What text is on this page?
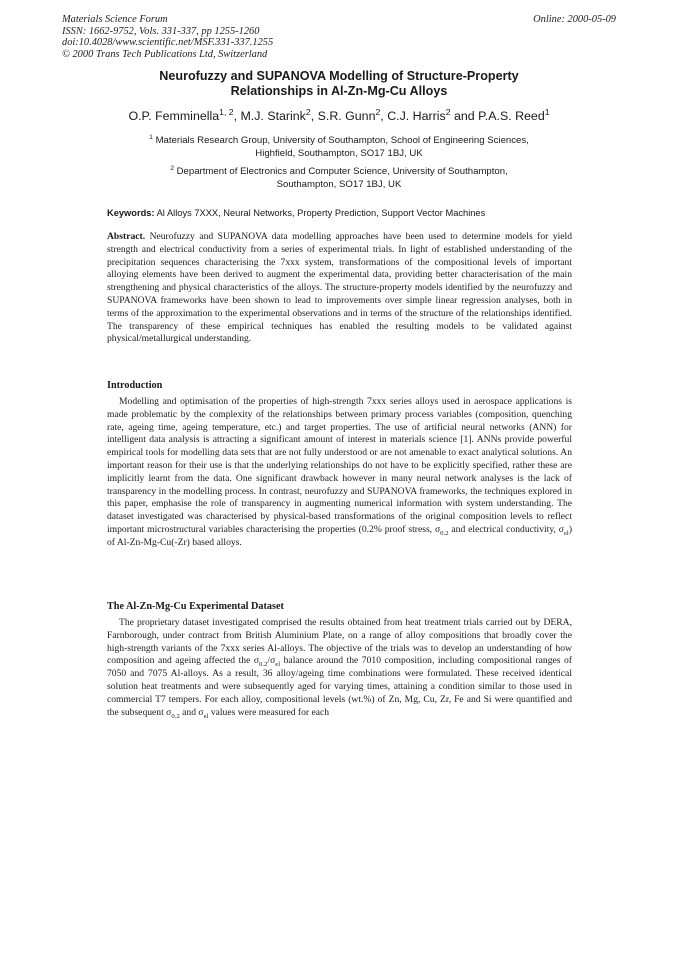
Materials Science Forum
ISSN: 1662-9752, Vols. 331-337, pp 1255-1260
doi:10.4028/www.scientific.net/MSF.331-337.1255
© 2000 Trans Tech Publications Ltd, Switzerland
Online: 2000-05-09
Neurofuzzy and SUPANOVA Modelling of Structure-Property
Relationships in Al-Zn-Mg-Cu Alloys
O.P. Femminella$^{1, 2}$, M.J. Starink$^2$, S.R. Gunn$^2$, C.J. Harris$^2$ and P.A.S. Reed$^1$
$^1$ Materials Research Group, University of Southampton, School of Engineering Sciences,
Highfield, Southampton, SO17 1BJ, UK
$^2$ Department of Electronics and Computer Science, University of Southampton,
Southampton, SO17 1BJ, UK
Keywords: Al Alloys 7XXX, Neural Networks, Property Prediction, Support Vector Machines
Abstract. Neurofuzzy and SUPANOVA data modelling approaches have been used to determine models for yield strength and electrical conductivity from a series of experimental trials. In light of established understanding of the precipitation sequences characterising the 7xxx system, transformations of the compositional levels of important alloying elements have been derived to augment the experimental data, providing better characterisation of the main strengthening and physical characteristics of the alloys. The structure-property models identified by the neurofuzzy and SUPANOVA frameworks have been shown to lead to improvements over simple linear regression analyses, both in terms of the approximation to the experimental observations and in terms of the structure of the relationships identified. The transparency of these empirical techniques has enabled the resulting models to be validated against physical/metallurgical understanding.
Introduction
Modelling and optimisation of the properties of high-strength 7xxx series alloys used in aerospace applications is made problematic by the complexity of the relationships between primary process variables (composition, quenching rate, ageing time, ageing temperature, etc.) and target properties. The use of artificial neural networks (ANN) for intelligent data analysis is attracting a significant amount of interest in materials science [1]. ANNs provide powerful empirical tools for modelling data sets that are not fully understood or are not amenable to exact analytical solutions. An important reason for their use is that the underlying relationships do not have to be explicitly specified, rather these are implicitly learnt from the data. One significant drawback however in many neural network analyses is the lack of transparency in the modelling process. In contrast, neurofuzzy and SUPANOVA frameworks, the techniques explored in this paper, emphasise the role of transparency in augmenting numerical information with system understanding. The dataset investigated was characterised by physical-based transformations of the original composition levels to reflect important microstructural variables characterising the properties (0.2% proof stress, $\sigma_{0.2}$ and electrical conductivity, $\sigma_{el}$) of Al-Zn-Mg-Cu(-Zr) based alloys.
The Al-Zn-Mg-Cu Experimental Dataset
The proprietary dataset investigated comprised the results obtained from heat treatment trials carried out by DERA, Farnborough, under contract from British Aluminium Plate, on a range of alloy compositions that broadly cover the high-strength variants of the 7xxx series Al-alloys. The objective of the trials was to develop an understanding of how composition and ageing affected the $\sigma_{0.2}/\sigma_{el}$ balance around the 7010 composition, including compositional ranges of 7050 and 7075 Al-alloys. As a result, 36 alloy/ageing time combinations were formulated. These received identical solution heat treatments and were subsequently aged for varying times, attaining a condition similar to those used in commercial T7 tempers. For each alloy, compositional levels (wt.%) of Zn, Mg, Cu, Zr, Fe and Si were quantified and the subsequent $\sigma_{0.2}$ and $\sigma_{el}$ values were measured for each
